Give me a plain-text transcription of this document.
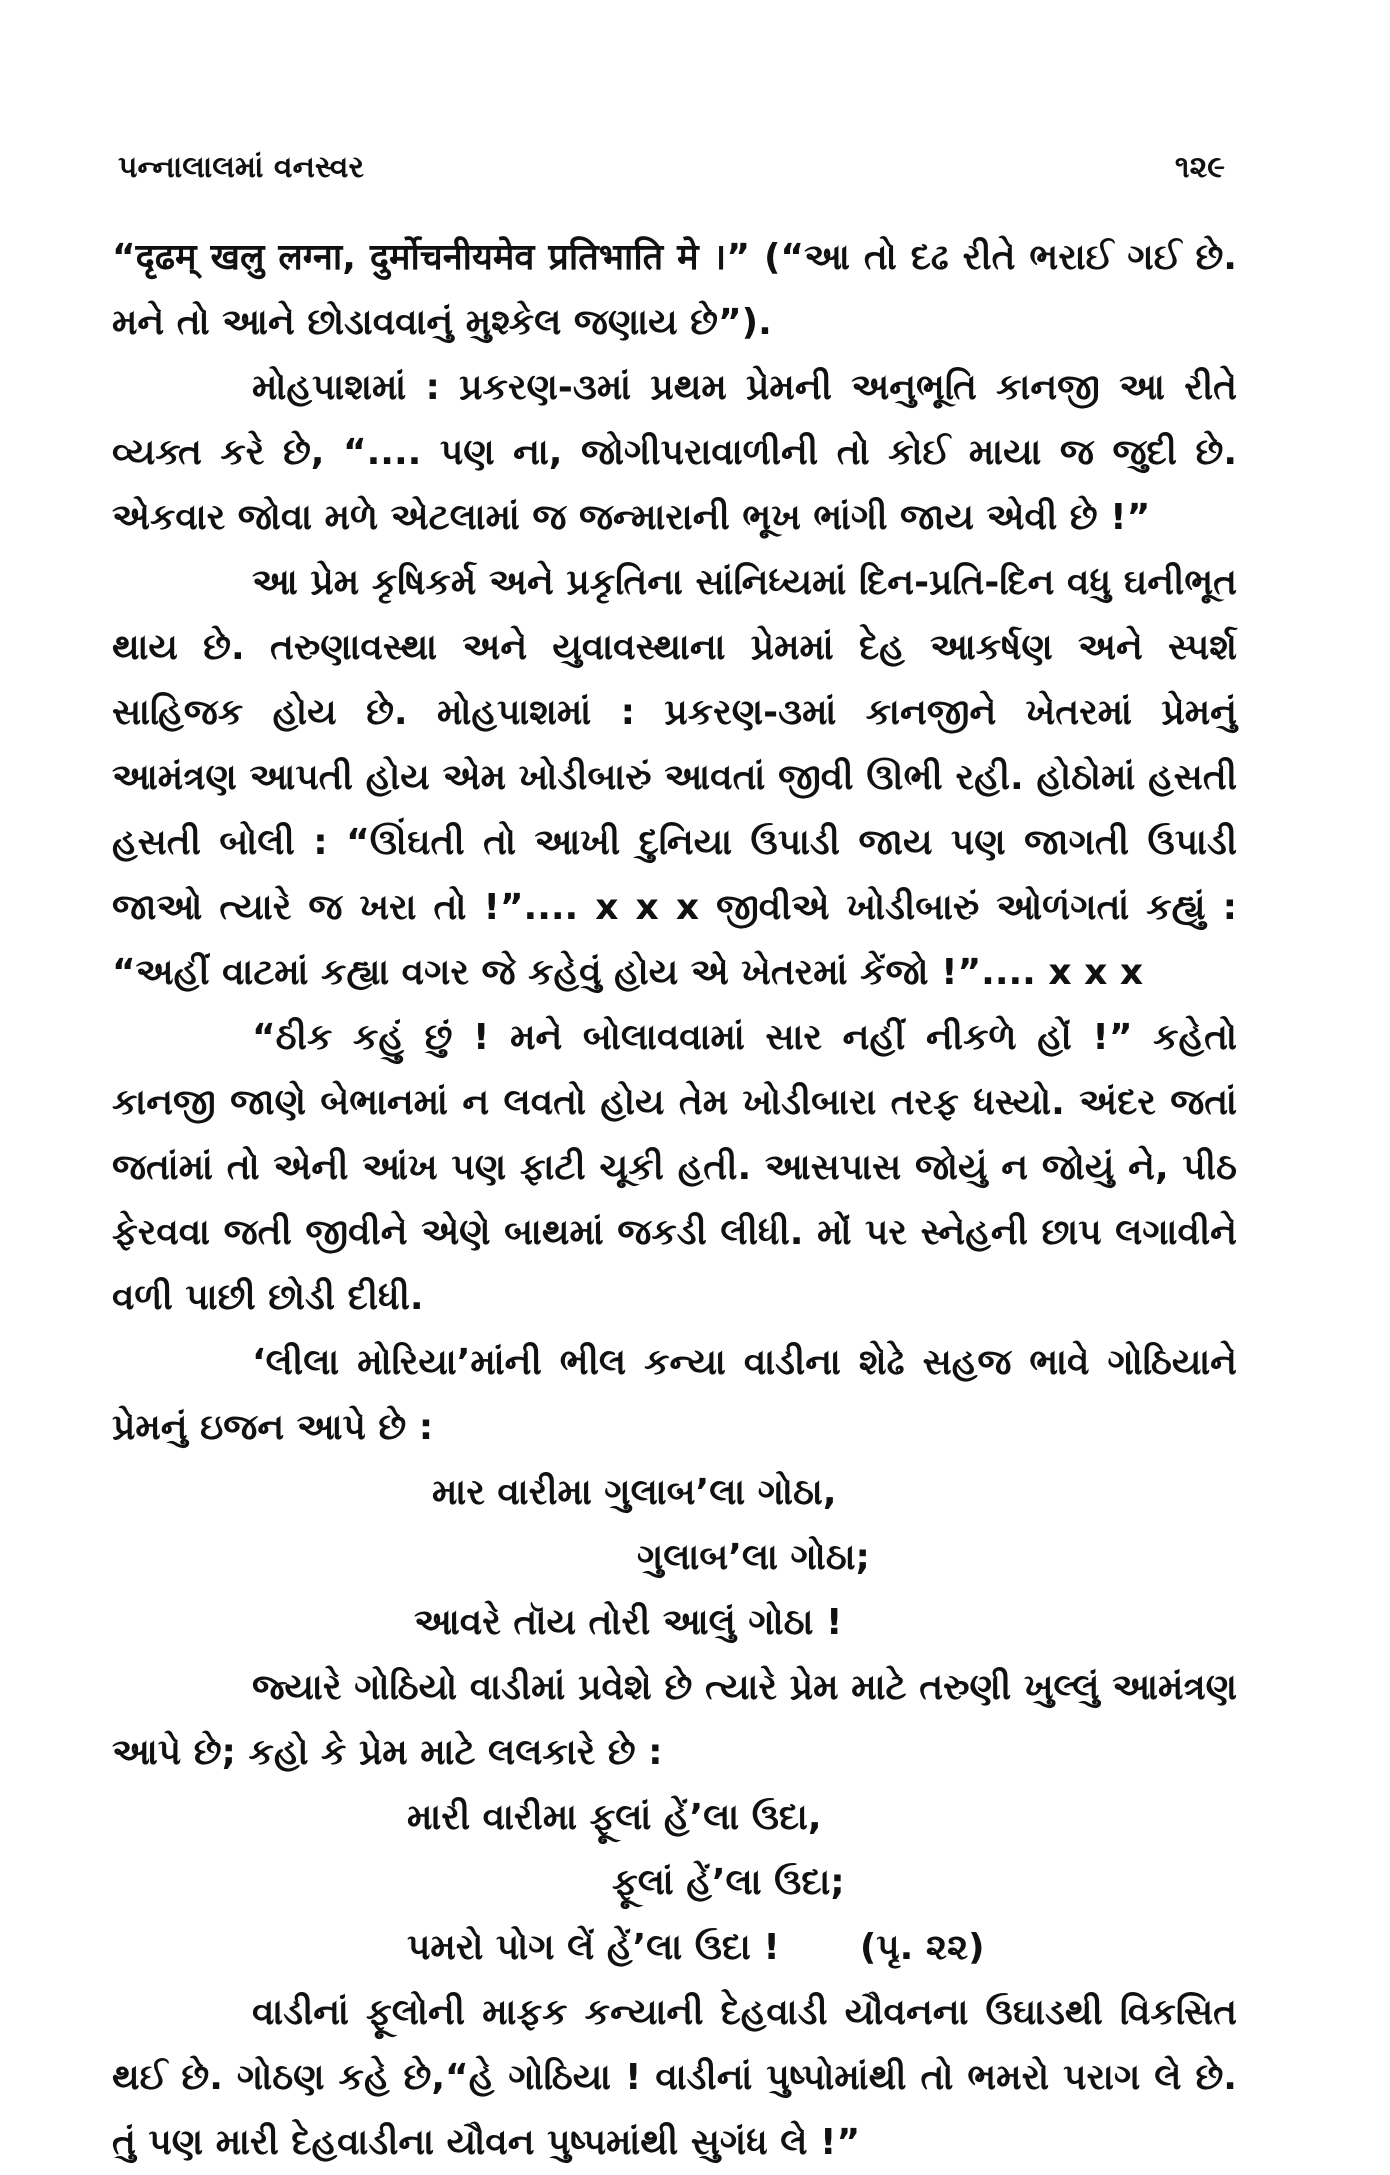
પન્નાલાલમાં વનસ્વર	૧૨૯

“दृढम् खलु लग्ना, दुर्मोचनीयमेव प्रतिभाति मे ।” (“આ તો દઢ રીતે ભરાઈ ગઈ છે. મને તો આને છોડાવવાનું મુશ્કેલ જણાય છે”).

મોહપાશમાં : પ્રકરણ-૩માં પ્રથમ પ્રેમની અનુભૂતિ કાનજી આ રીતે વ્યક્ત કરે છે, “.... પણ ના, જોગીપરાવાળીની તો કોઈ માયા જ જુદી છે. એકવાર જોવા મળે એટલામાં જ જન્મારાની ભૂખ ભાંગી જાય એવી છે !”

આ પ્રેમ કૃષિકર્મ અને પ્રકૃતિના સાંનિધ્યમાં દિન-પ્રતિ-દિન વધુ ઘનીભૂત થાય છે. તરુણાવસ્થા અને યુવાવસ્થાના પ્રેમમાં દેહ આકર્ષણ અને સ્પર્શ સાહિજક હોય છે. મોહપાશમાં : પ્રકરણ-૩માં કાનજીને ખેતરમાં પ્રેમનું આમંત્રણ આપતી હોય એમ ખોડીબારું આવતાં જીવી ઊભી રહી. હોઠોમાં હસતી હસતી બોલી : “ઊંઘતી તો આખી દુનિયા ઉપાડી જાય પણ જાગતી ઉપાડી જાઓ ત્યારે જ ખરા તો !”.... x x x જીવીએ ખોડીબારું ઓળંગતાં કહ્યું : “અહીં વાટમાં કહ્યા વગર જે કહેવું હોય એ ખેતરમાં કેંજો !”.... x x x

“ઠીક કહું છું ! મને બોલાવવામાં સાર નહીં નીકળે હોં !” કહેતો કાનજી જાણે બેભાનમાં ન લવતો હોય તેમ ખોડીબારા તરફ ધસ્યો. અંદર જતાં જતાંમાં તો એની આંખ પણ ફાટી ચૂકી હતી. આસપાસ જોયું ન જોયું ને, પીઠ ફેરવવા જતી જીવીને એણે બાથમાં જકડી લીધી. મોં પર સ્નેહની છાપ લગાવીને વળી પાછી છોડી દીધી.

‘લીલા મોરિયા’માંની ભીલ કન્યા વાડીના શેઢે સહજ ભાવે ગોઠિયાને પ્રેમનું ઇજન આપે છે :

માર વારીમા ગુલાબ’લા ગોઠા,
ગુલાબ’લા ગોઠા;
આવરે તૉય તોરી આલું ગોઠા !

જ્યારે ગોઠિયો વાડીમાં પ્રવેશે છે ત્યારે પ્રેમ માટે તરુણી ખુલ્લું આમંત્રણ આપે છે; કહો કે પ્રેમ માટે લલકારે છે :

મારી વારીમા ફૂલાં હેં’લા ઉદા,
ફૂલાં હેં’લા ઉદા;
પમરો પોગ લેં હેં’લા ઉદા ! (પૃ. ૨૨)

વાડીનાં ફૂલોની માફક કન્યાની દેહવાડી યૌવનના ઉઘાડથી વિકસિત થઈ છે. ગોઠણ કહે છે,“હે ગોઠિયા ! વાડીનાં પુષ્પોમાંથી તો ભમરો પરાગ લે છે. તું પણ મારી દેહવાડીના યૌવન પુષ્પમાંથી સુગંધ લે !”
